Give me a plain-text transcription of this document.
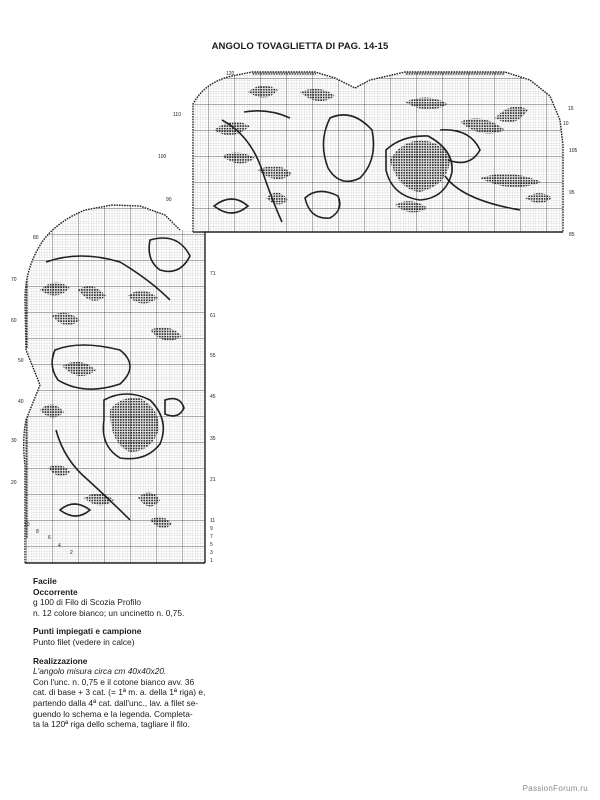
ANGOLO TOVAGLIETTA DI PAG. 14-15
120
110
100
90
80
15
10
105
95
85
70
60
50
40
30
20
10
8
6
4
2
71
61
55
45
35
21
11
9
7
5
3
1
Facile
Occorrente
g 100 di Filo di Scozia Profilo
n. 12 colore bianco; un uncinetto n. 0,75.
Punti impiegati e campione
Punto filet (vedere in calce)
Realizzazione
L'angolo misura circa cm 40x40x20.
Con l'unc. n. 0,75 e il cotone bianco avv. 36
cat. di base + 3 cat. (= 1ª m. a. della 1ª riga) e,
partendo dalla 4ª cat. dall'unc., lav. a filet se-
guendo lo schema e la legenda. Completa-
ta la 120ª riga dello schema, tagliare il filo.
PassionForum.ru
